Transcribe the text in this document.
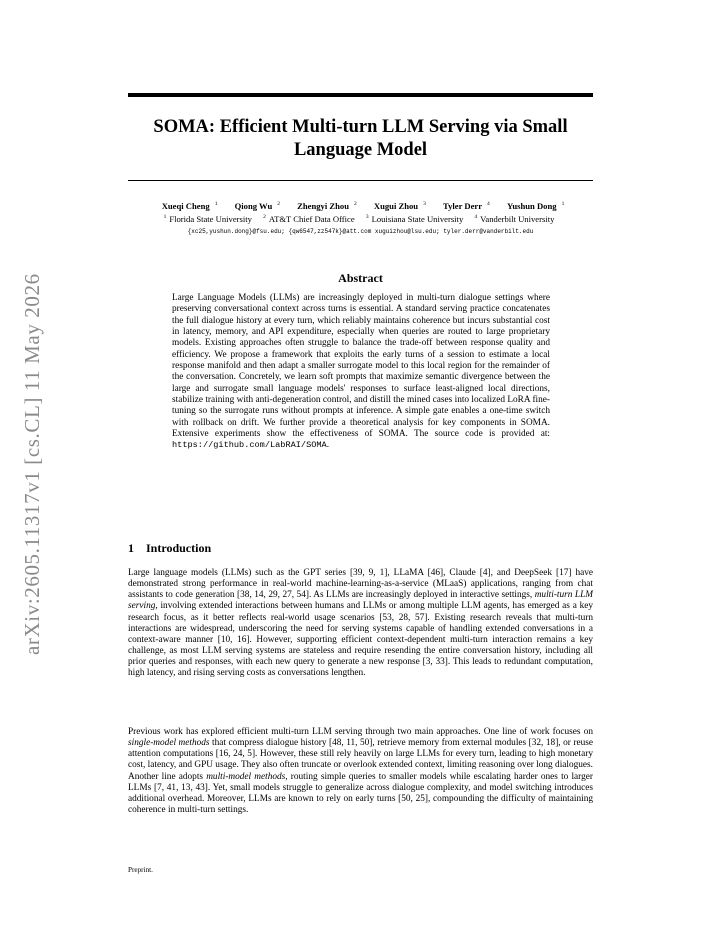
arXiv:2605.11317v1 [cs.CL] 11 May 2026
SOMA: Efficient Multi-turn LLM Serving via Small Language Model
Xueqi Cheng $^1$ Qiong Wu $^2$ Zhengyi Zhou $^2$ Xugui Zhou $^3$ Tyler Derr $^4$ Yushun Dong $^1$
$^1$ Florida State University $^2$ AT&T Chief Data Office $^3$ Louisiana State University $^4$ Vanderbilt University
{xc25,yushun.dong}@fsu.edu; {qw6547,zz547k}@att.com xuguizhou@lsu.edu; tyler.derr@vanderbilt.edu
Abstract
Large Language Models (LLMs) are increasingly deployed in multi-turn dialogue settings where preserving conversational context across turns is essential. A standard serving practice concatenates the full dialogue history at every turn, which reliably maintains coherence but incurs substantial cost in latency, memory, and API expenditure, especially when queries are routed to large proprietary models. Existing approaches often struggle to balance the trade-off between response quality and efficiency. We propose a framework that exploits the early turns of a session to estimate a local response manifold and then adapt a smaller surrogate model to this local region for the remainder of the conversation. Concretely, we learn soft prompts that maximize semantic divergence between the large and surrogate small language models' responses to surface least-aligned local directions, stabilize training with anti-degeneration control, and distill the mined cases into localized LoRA fine-tuning so the surrogate runs without prompts at inference. A simple gate enables a one-time switch with rollback on drift. We further provide a theoretical analysis for key components in SOMA. Extensive experiments show the effectiveness of SOMA. The source code is provided at: https://github.com/LabRAI/SOMA.
1 Introduction
Large language models (LLMs) such as the GPT series [39, 9, 1], LLaMA [46], Claude [4], and DeepSeek [17] have demonstrated strong performance in real-world machine-learning-as-a-service (MLaaS) applications, ranging from chat assistants to code generation [38, 14, 29, 27, 54]. As LLMs are increasingly deployed in interactive settings, multi-turn LLM serving, involving extended interactions between humans and LLMs or among multiple LLM agents, has emerged as a key research focus, as it better reflects real-world usage scenarios [53, 28, 57]. Existing research reveals that multi-turn interactions are widespread, underscoring the need for serving systems capable of handling extended conversations in a context-aware manner [10, 16]. However, supporting efficient context-dependent multi-turn interaction remains a key challenge, as most LLM serving systems are stateless and require resending the entire conversation history, including all prior queries and responses, with each new query to generate a new response [3, 33]. This leads to redundant computation, high latency, and rising serving costs as conversations lengthen.
Previous work has explored efficient multi-turn LLM serving through two main approaches. One line of work focuses on single-model methods that compress dialogue history [48, 11, 50], retrieve memory from external modules [32, 18], or reuse attention computations [16, 24, 5]. However, these still rely heavily on large LLMs for every turn, leading to high monetary cost, latency, and GPU usage. They also often truncate or overlook extended context, limiting reasoning over long dialogues. Another line adopts multi-model methods, routing simple queries to smaller models while escalating harder ones to larger LLMs [7, 41, 13, 43]. Yet, small models struggle to generalize across dialogue complexity, and model switching introduces additional overhead. Moreover, LLMs are known to rely on early turns [50, 25], compounding the difficulty of maintaining coherence in multi-turn settings.
Preprint.
